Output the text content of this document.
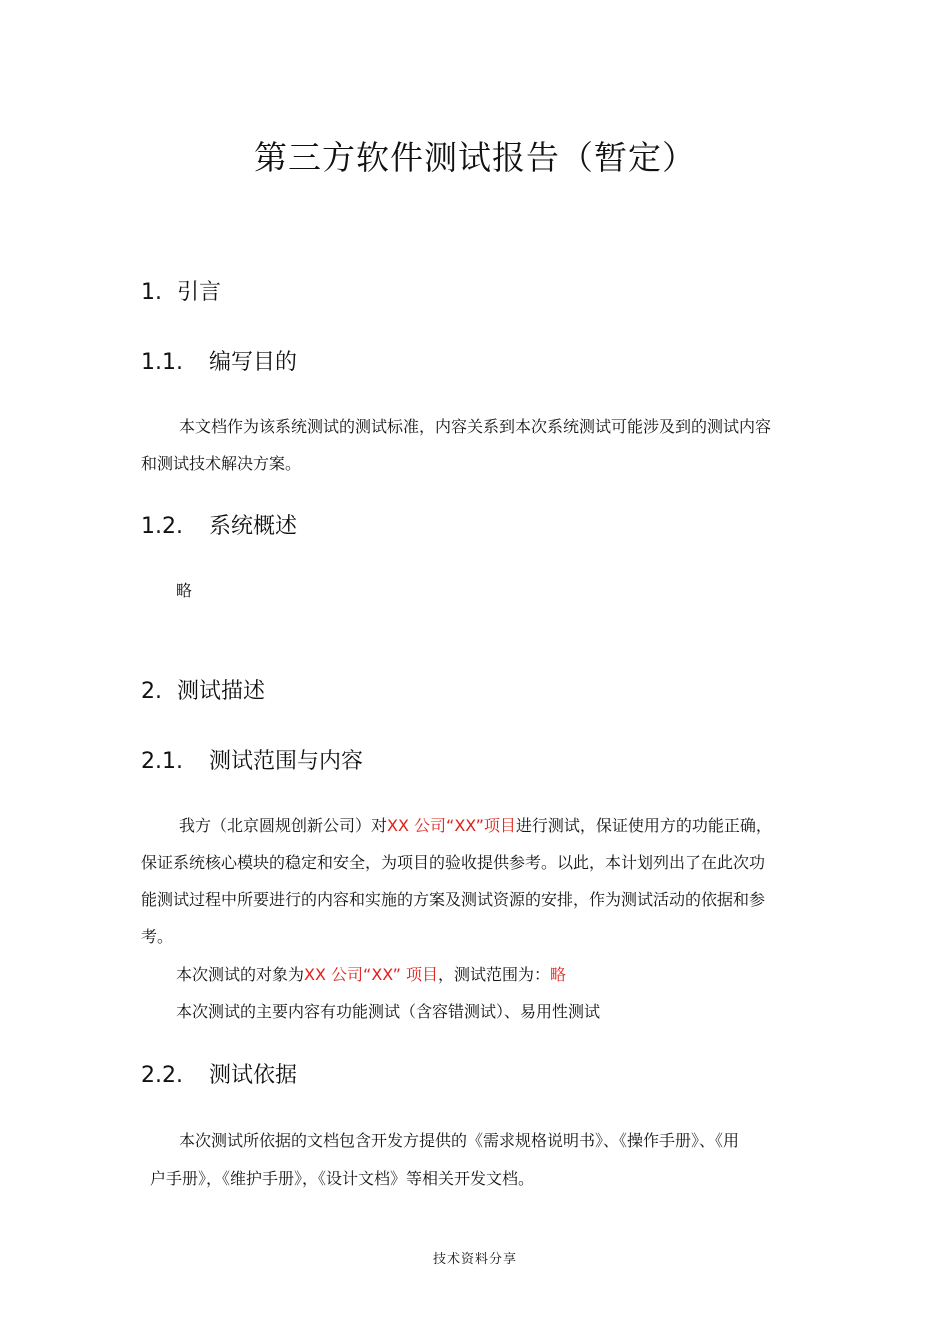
第三方软件测试报告（暂定）
1. 引言
1.1. 编写目的
本文档作为该系统测试的测试标准，内容关系到本次系统测试可能涉及到的测试内容
和测试技术解决方案。
1.2. 系统概述
略
2. 测试描述
2.1. 测试范围与内容
我方（北京圆规创新公司）对XX 公司“XX”项目进行测试，保证使用方的功能正确，
保证系统核心模块的稳定和安全，为项目的验收提供参考。以此，本计划列出了在此次功
能测试过程中所要进行的内容和实施的方案及测试资源的安排，作为测试活动的依据和参
考。
本次测试的对象为XX 公司“XX” 项目，测试范围为：略
本次测试的主要内容有功能测试（含容错测试）、易用性测试
2.2. 测试依据
本次测试所依据的文档包含开发方提供的《需求规格说明书》、《操作手册》、《用
户手册》，《维护手册》，《设计文档》等相关开发文档。
技术资料分享
